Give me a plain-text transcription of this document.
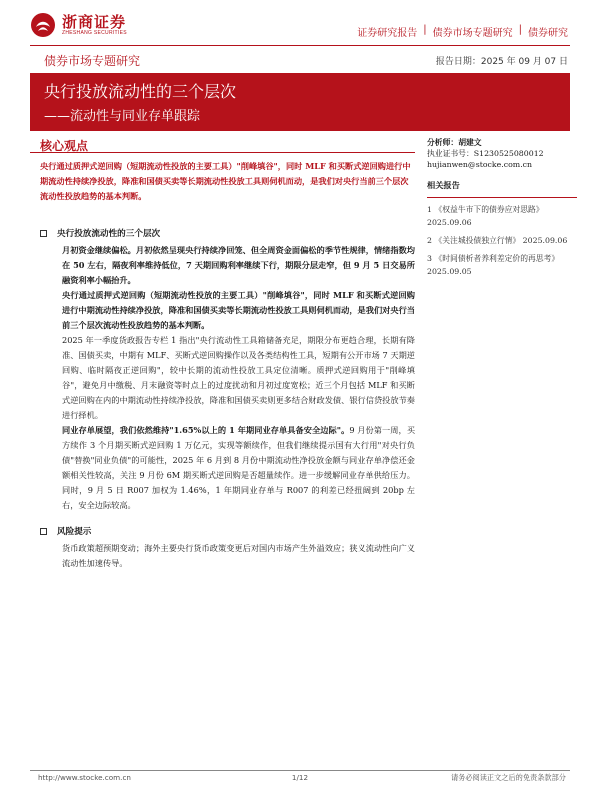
浙商证券
ZHESHANG SECURITIES	证券研究报告 | 债券市场专题研究 | 债券研究
债券市场专题研究	报告日期：2025 年 09 月 07 日
央行投放流动性的三个层次
——流动性与同业存单跟踪
核心观点
央行通过质押式逆回购（短期流动性投放的主要工具）"削峰填谷"，同时 MLF 和买断式逆回购进行中期流动性持续净投放，降准和国债买卖等长期流动性投放工具则伺机而动，是我们对央行当前三个层次流动性投放趋势的基本判断。
央行投放流动性的三个层次
月初资金继续偏松。月初依然呈现央行持续净回笼、但全周资金面偏松的季节性规律，情绪指数均在 50 左右，隔夜利率维持低位，7 天期回购利率继续下行，期限分层走窄，但 9 月 5 日交易所融资利率小幅抬升。
央行通过质押式逆回购（短期流动性投放的主要工具）"削峰填谷"，同时 MLF 和买断式逆回购进行中期流动性持续净投放，降准和国债买卖等长期流动性投放工具则伺机而动，是我们对央行当前三个层次流动性投放趋势的基本判断。
2025 年一季度货政报告专栏 1 指出"央行流动性工具箱储备充足，期限分布更趋合理，长期有降准、国债买卖，中期有 MLF、买断式逆回购操作以及各类结构性工具，短期有公开市场 7 天期逆回购、临时隔夜正逆回购"，较中长期的流动性投放工具定位清晰。质押式逆回购用于"削峰填谷"，避免月中缴税、月末融资等时点上的过度扰动和月初过度宽松；近三个月包括 MLF 和买断式逆回购在内的中期流动性持续净投放，降准和国债买卖则更多结合财政发债、银行信贷投放节奏进行择机。
同业存单展望，我们依然维持"1.65%以上的 1 年期同业存单具备安全边际"。9 月份第一周，买方续作 3 个月期买断式逆回购 1 万亿元，实现等额续作，但我们继续提示国有大行用"对央行负债"替换"同业负债"的可能性，2025 年 6 月到 8 月份中期流动性净投放金额与同业存单净偿还金额相关性较高，关注 9 月份 6M 期买断式逆回购是否超量续作。进一步缓解同业存单供给压力。同时，9 月 5 日 R007 加权为 1.46%，1 年期同业存单与 R007 的利差已经扭阔到 20bp 左右，安全边际较高。
风险提示
货币政策超预期变动；海外主要央行货币政策变更后对国内市场产生外溢效应；狭义流动性向广义流动性加速传导。
分析师：胡建文
执业证书号：S1230525080012
hujianwen@stocke.com.cn
相关报告
1 《权益牛市下的债券应对思路》 2025.09.06
2 《关注城投债独立行情》 2025.09.06
3 《时间债析者养利差定价的再思考》 2025.09.05
http://www.stocke.com.cn	1/12	请务必阅读正文之后的免责条款部分
